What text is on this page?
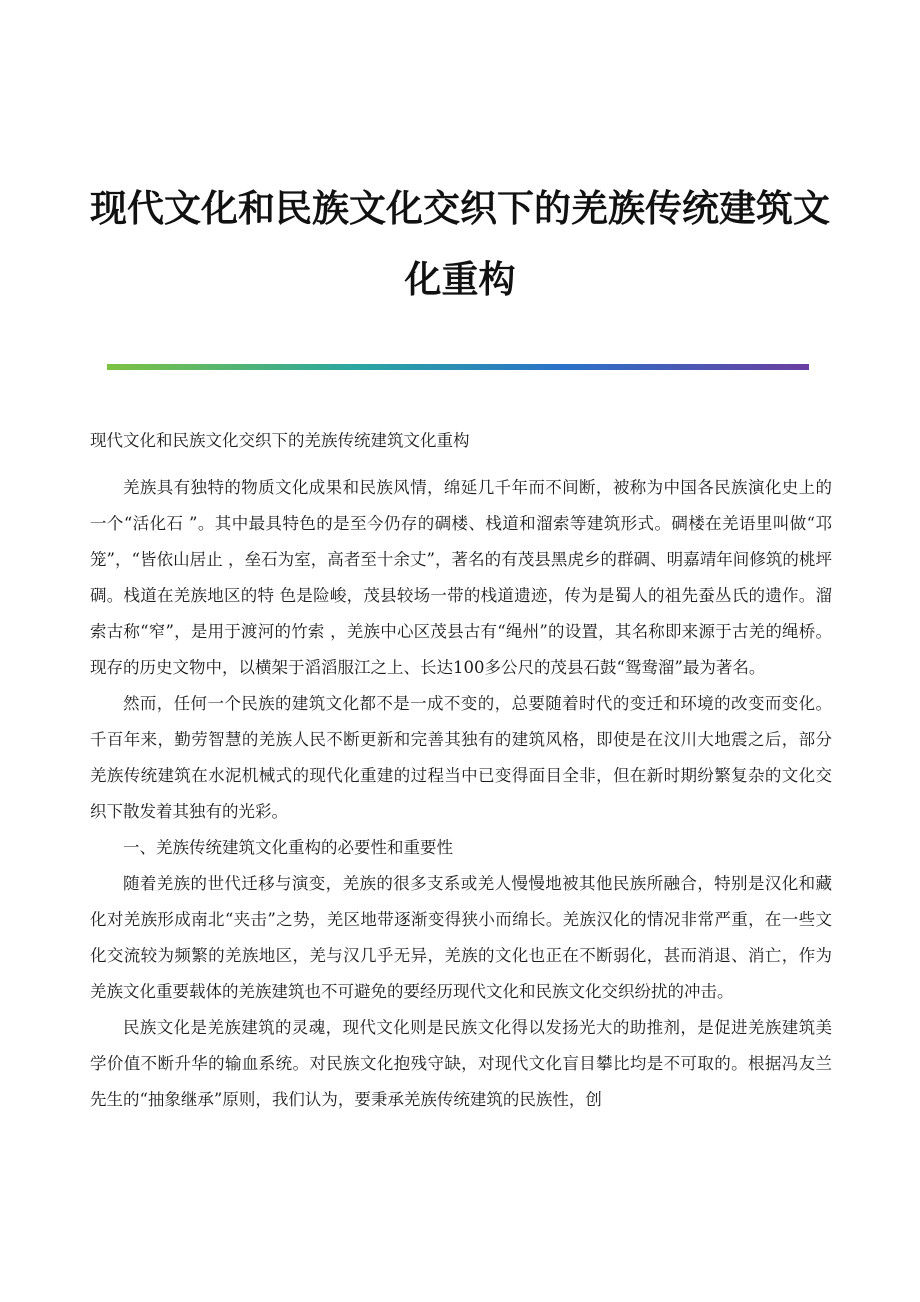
现代文化和民族文化交织下的羌族传统建筑文
化重构
现代文化和民族文化交织下的羌族传统建筑文化重构

羌族具有独特的物质文化成果和民族风情，绵延几千年而不间断，被称为中国各民族演化史上的一个“活化石 ”。其中最具特色的是至今仍存的碉楼、栈道和溜索等建筑形式。碉楼在羌语里叫做“邛笼”，“皆依山居止 ，垒石为室，高者至十余丈”，著名的有茂县黑虎乡的群碉、明嘉靖年间修筑的桃坪碉。栈道在羌族地区的特 色是险峻，茂县较场一带的栈道遗迹，传为是蜀人的祖先蚕丛氏的遗作。溜索古称“窄”，是用于渡河的竹索 ，羌族中心区茂县古有“绳州”的设置，其名称即来源于古羌的绳桥。 现存的历史文物中，以横架于滔滔服江之上、长达100多公尺的茂县石鼓“鸳鸯溜”最为著名。

然而，任何一个民族的建筑文化都不是一成不变的，总要随着时代的变迁和环境的改变而变化。千百年来，勤劳智慧的羌族人民不断更新和完善其独有的建筑风格，即使是在汶川大地震之后，部分羌族传统建筑在水泥机械式的现代化重建的过程当中已变得面目全非，但在新时期纷繁复杂的文化交织下散发着其独有的光彩。

一、羌族传统建筑文化重构的必要性和重要性

随着羌族的世代迁移与演变，羌族的很多支系或羌人慢慢地被其他民族所融合，特别是汉化和藏化对羌族形成南北“夹击”之势，羌区地带逐渐变得狭小而绵长。羌族汉化的情况非常严重，在一些文化交流较为频繁的羌族地区，羌与汉几乎无异，羌族的文化也正在不断弱化，甚而消退、消亡，作为羌族文化重要载体的羌族建筑也不可避免的要经历现代文化和民族文化交织纷扰的冲击。

民族文化是羌族建筑的灵魂，现代文化则是民族文化得以发扬光大的助推剂，是促进羌族建筑美学价值不断升华的输血系统。对民族文化抱残守缺，对现代文化盲目攀比均是不可取的。根据冯友兰先生的“抽象继承”原则，我们认为，要秉承羌族传统建筑的民族性，创
